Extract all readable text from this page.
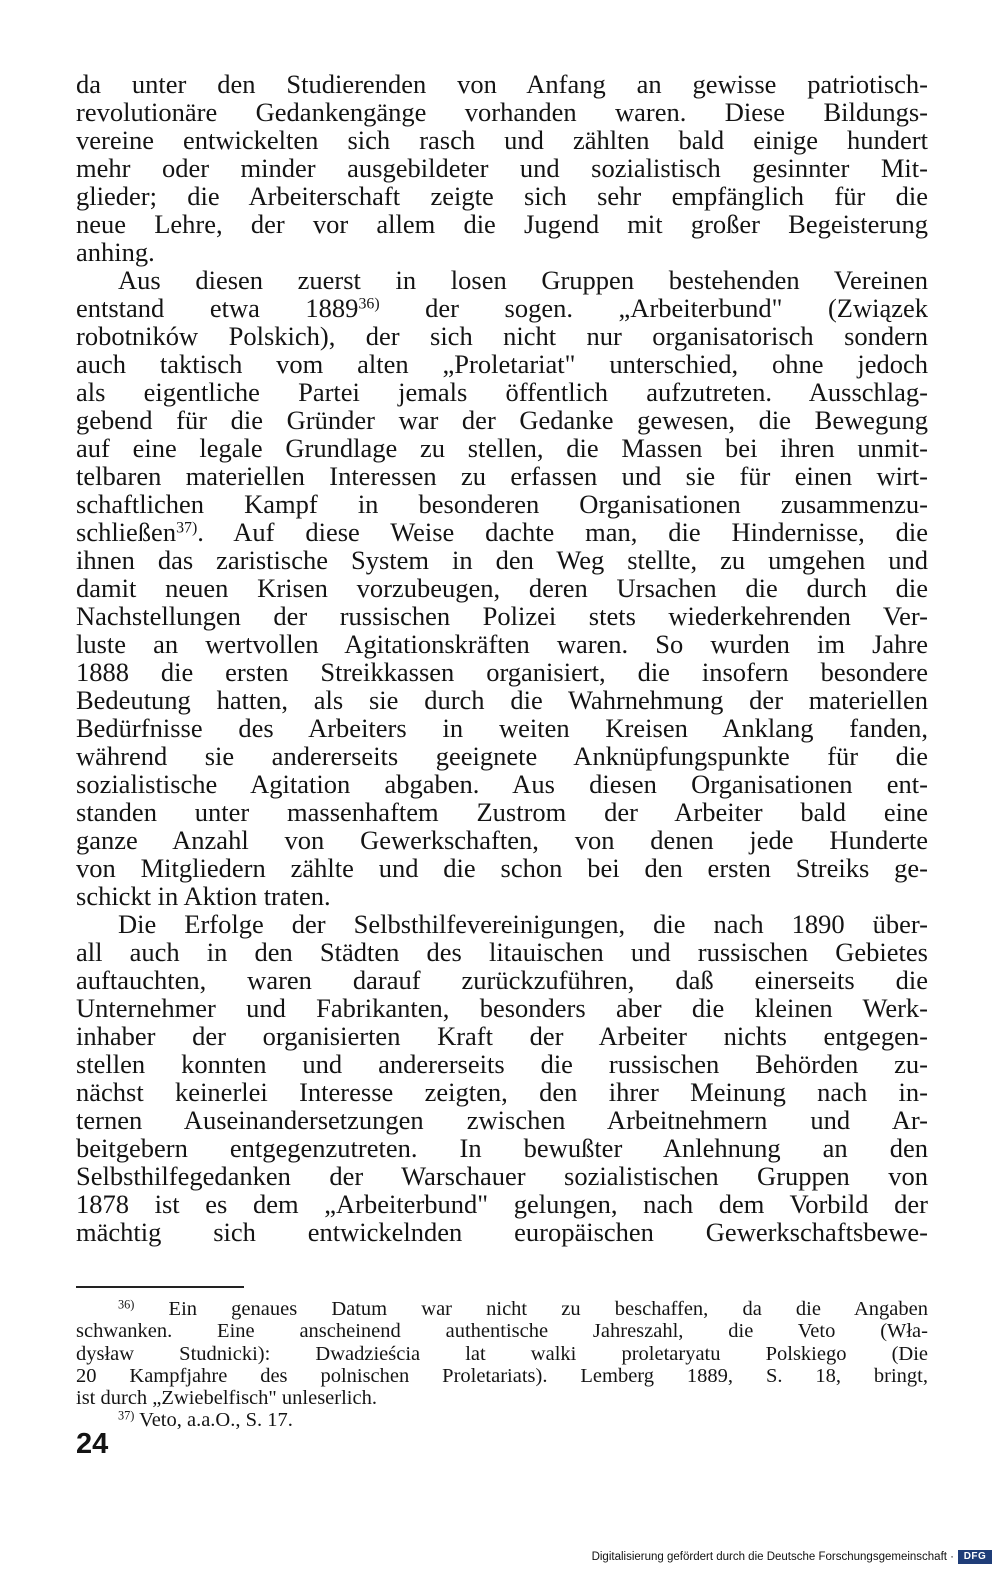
da unter den Studierenden von Anfang an gewisse patriotisch-
revolutionäre Gedankengänge vorhanden waren. Diese Bildungs-
vereine entwickelten sich rasch und zählten bald einige hundert
mehr oder minder ausgebildeter und sozialistisch gesinnter Mit-
glieder; die Arbeiterschaft zeigte sich sehr empfänglich für die
neue Lehre, der vor allem die Jugend mit großer Begeisterung
anhing.
Aus diesen zuerst in losen Gruppen bestehenden Vereinen
entstand etwa 1889$^{36)}$ der sogen. „Arbeiterbund" (Związek
robotników Polskich), der sich nicht nur organisatorisch sondern
auch taktisch vom alten „Proletariat" unterschied, ohne jedoch
als eigentliche Partei jemals öffentlich aufzutreten. Ausschlag-
gebend für die Gründer war der Gedanke gewesen, die Bewegung
auf eine legale Grundlage zu stellen, die Massen bei ihren unmit-
telbaren materiellen Interessen zu erfassen und sie für einen wirt-
schaftlichen Kampf in besonderen Organisationen zusammenzu-
schließen$^{37)}$. Auf diese Weise dachte man, die Hindernisse, die
ihnen das zaristische System in den Weg stellte, zu umgehen und
damit neuen Krisen vorzubeugen, deren Ursachen die durch die
Nachstellungen der russischen Polizei stets wiederkehrenden Ver-
luste an wertvollen Agitationskräften waren. So wurden im Jahre
1888 die ersten Streikkassen organisiert, die insofern besondere
Bedeutung hatten, als sie durch die Wahrnehmung der materiellen
Bedürfnisse des Arbeiters in weiten Kreisen Anklang fanden,
während sie andererseits geeignete Anknüpfungspunkte für die
sozialistische Agitation abgaben. Aus diesen Organisationen ent-
standen unter massenhaftem Zustrom der Arbeiter bald eine
ganze Anzahl von Gewerkschaften, von denen jede Hunderte
von Mitgliedern zählte und die schon bei den ersten Streiks ge-
schickt in Aktion traten.
Die Erfolge der Selbsthilfevereinigungen, die nach 1890 über-
all auch in den Städten des litauischen und russischen Gebietes
auftauchten, waren darauf zurückzuführen, daß einerseits die
Unternehmer und Fabrikanten, besonders aber die kleinen Werk-
inhaber der organisierten Kraft der Arbeiter nichts entgegen-
stellen konnten und andererseits die russischen Behörden zu-
nächst keinerlei Interesse zeigten, den ihrer Meinung nach in-
ternen Auseinandersetzungen zwischen Arbeitnehmern und Ar-
beitgebern entgegenzutreten. In bewußter Anlehnung an den
Selbsthilfegedanken der Warschauer sozialistischen Gruppen von
1878 ist es dem „Arbeiterbund" gelungen, nach dem Vorbild der
mächtig sich entwickelnden europäischen Gewerkschaftsbewe-
$^{36)}$ Ein genaues Datum war nicht zu beschaffen, da die Angaben
schwanken. Eine anscheinend authentische Jahreszahl, die Veto (Wła-
dysław Studnicki): Dwadzieścia lat walki proletaryatu Polskiego (Die
20 Kampfjahre des polnischen Proletariats). Lemberg 1889, S. 18, bringt,
ist durch „Zwiebelfisch" unleserlich.
$^{37)}$ Veto, a.a.O., S. 17.
24
Digitalisierung gefördert durch die Deutsche Forschungsgemeinschaft · DFG
